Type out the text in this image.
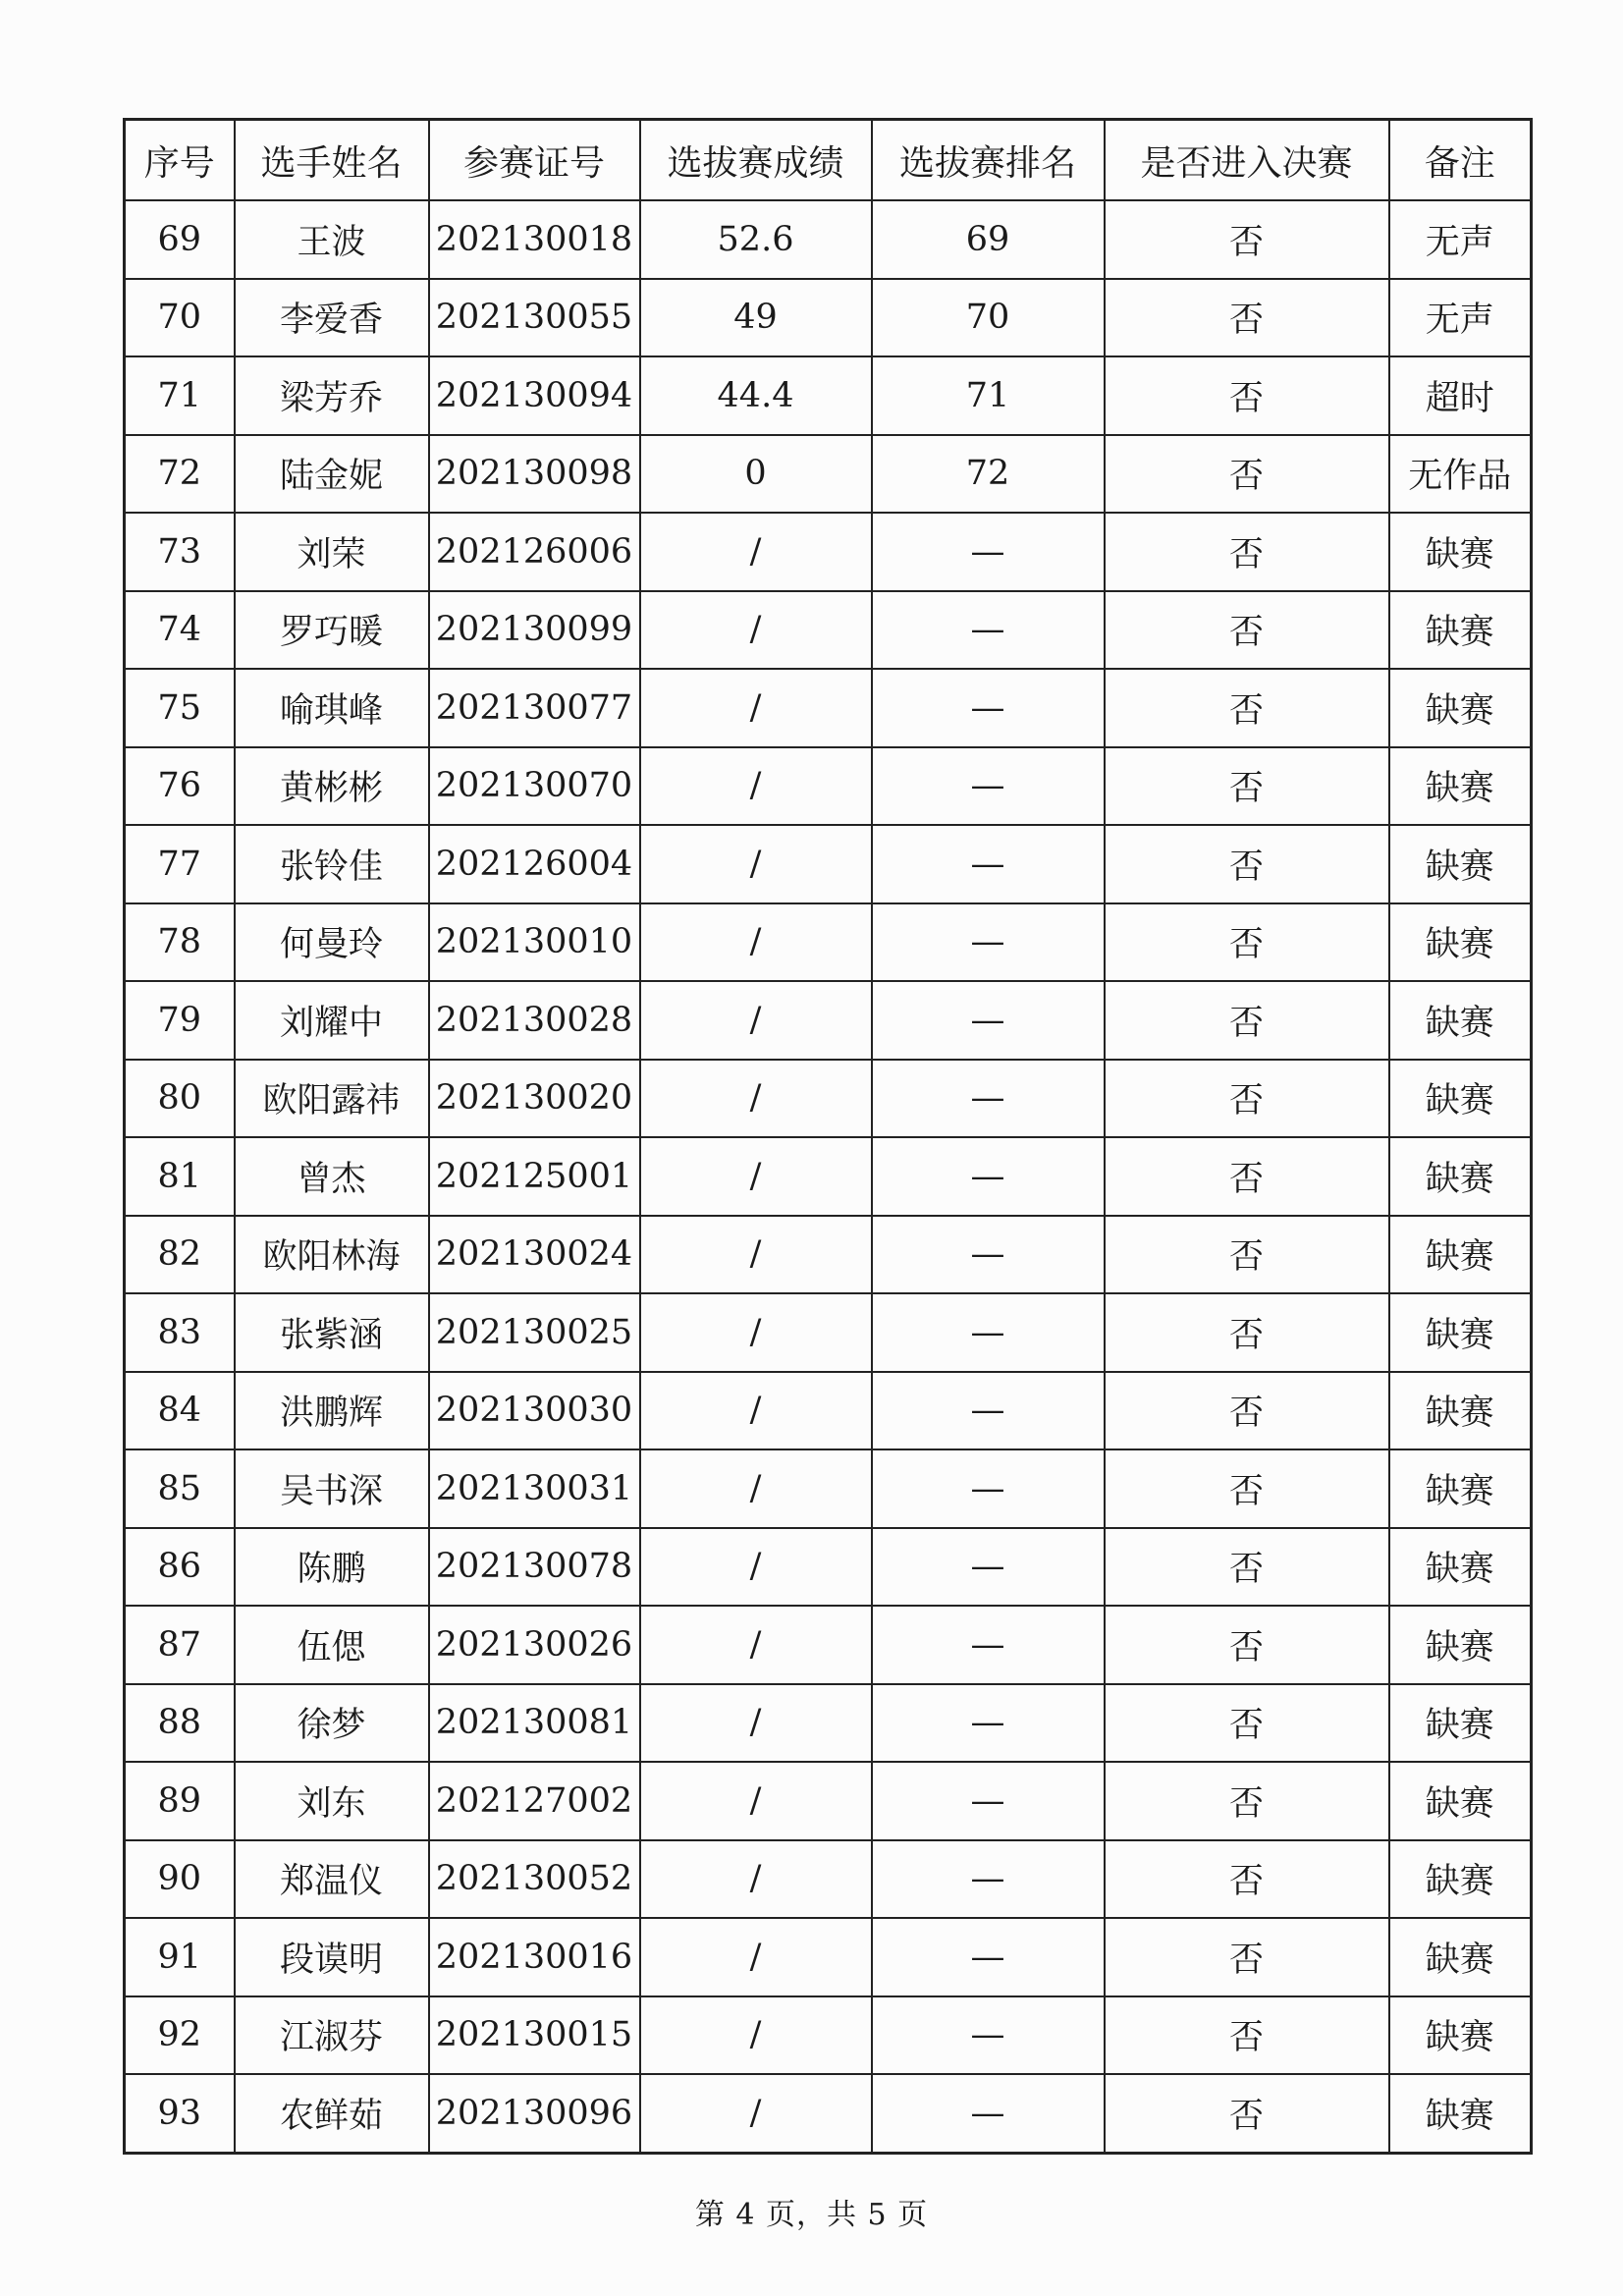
序号	选手姓名	参赛证号	选拔赛成绩	选拔赛排名	是否进入决赛	备注
69	王波	202130018	52.6	69	否	无声
70	李爱香	202130055	49	70	否	无声
71	梁芳乔	202130094	44.4	71	否	超时
72	陆金妮	202130098	0	72	否	无作品
73	刘荣	202126006	/	—	否	缺赛
74	罗巧暖	202130099	/	—	否	缺赛
75	喻琪峰	202130077	/	—	否	缺赛
76	黄彬彬	202130070	/	—	否	缺赛
77	张铃佳	202126004	/	—	否	缺赛
78	何曼玲	202130010	/	—	否	缺赛
79	刘耀中	202130028	/	—	否	缺赛
80	欧阳露祎	202130020	/	—	否	缺赛
81	曾杰	202125001	/	—	否	缺赛
82	欧阳林海	202130024	/	—	否	缺赛
83	张紫涵	202130025	/	—	否	缺赛
84	洪鹏辉	202130030	/	—	否	缺赛
85	吴书深	202130031	/	—	否	缺赛
86	陈鹏	202130078	/	—	否	缺赛
87	伍偲	202130026	/	—	否	缺赛
88	徐梦	202130081	/	—	否	缺赛
89	刘东	202127002	/	—	否	缺赛
90	郑温仪	202130052	/	—	否	缺赛
91	段谟明	202130016	/	—	否	缺赛
92	江淑芬	202130015	/	—	否	缺赛
93	农鲜茹	202130096	/	—	否	缺赛
第 4 页，共 5 页
